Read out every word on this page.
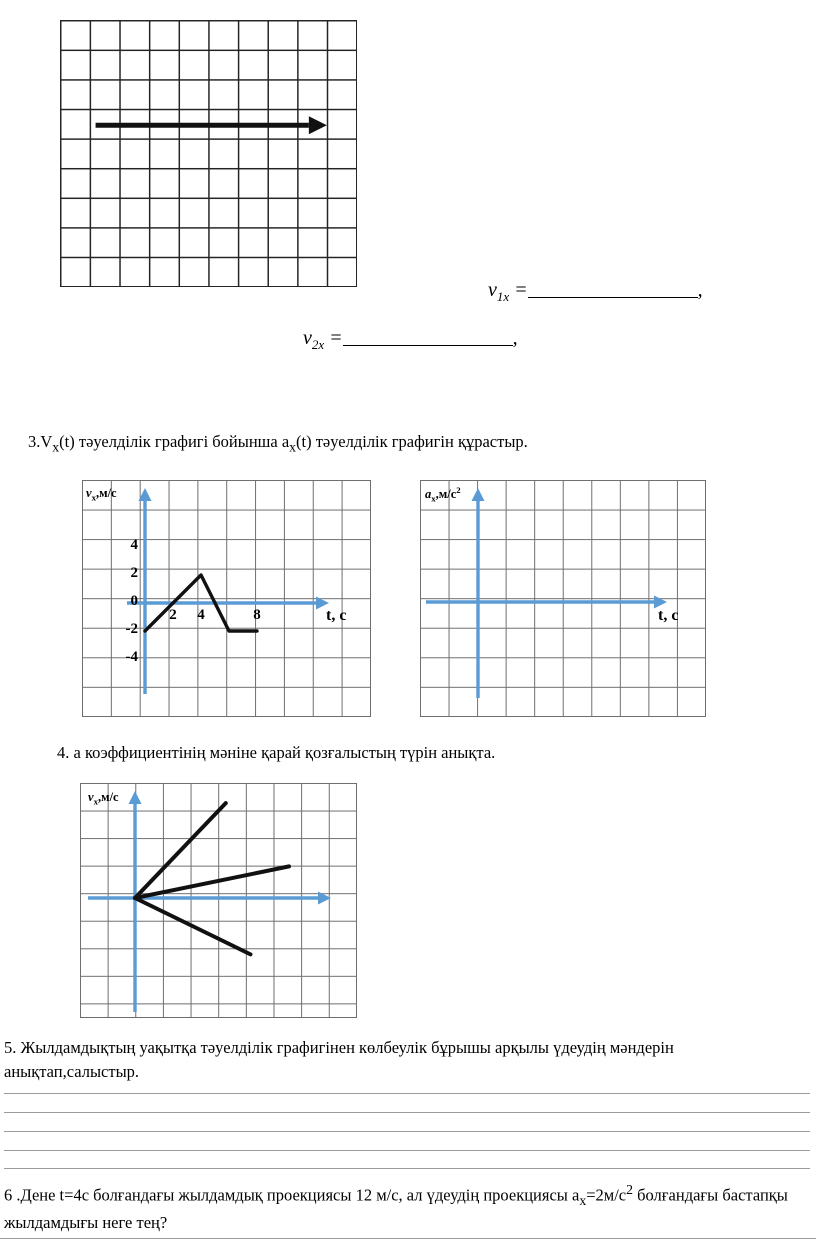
$v_{1x}$ =	,
$v_{2x}$ =	,
$3.V_x(t)$ тәуелділік графигі бойынша $a_x(t)$ тәуелділік графигін құрастыр.
$v_x,м/с$
4
2
0
-2
-4
2 4	8	t, c
$a_x,м/с^2$
t, c
4. а коэффициентінің мәніне қарай қозғалыстың түрін анықта.
$v_x,м/с$
5. Жылдамдықтың уақытқа тәуелділік графигінен көлбеулік бұрышы арқылы үдеудің мәндерін анықтап,салыстыр.
6 .Дене t=4с болғандағы жылдамдық проекциясы 12 м/с, ал үдеудің проекциясы $a_x=2м/с^2$ болғандағы бастапқы жылдамдығы неге тең?
